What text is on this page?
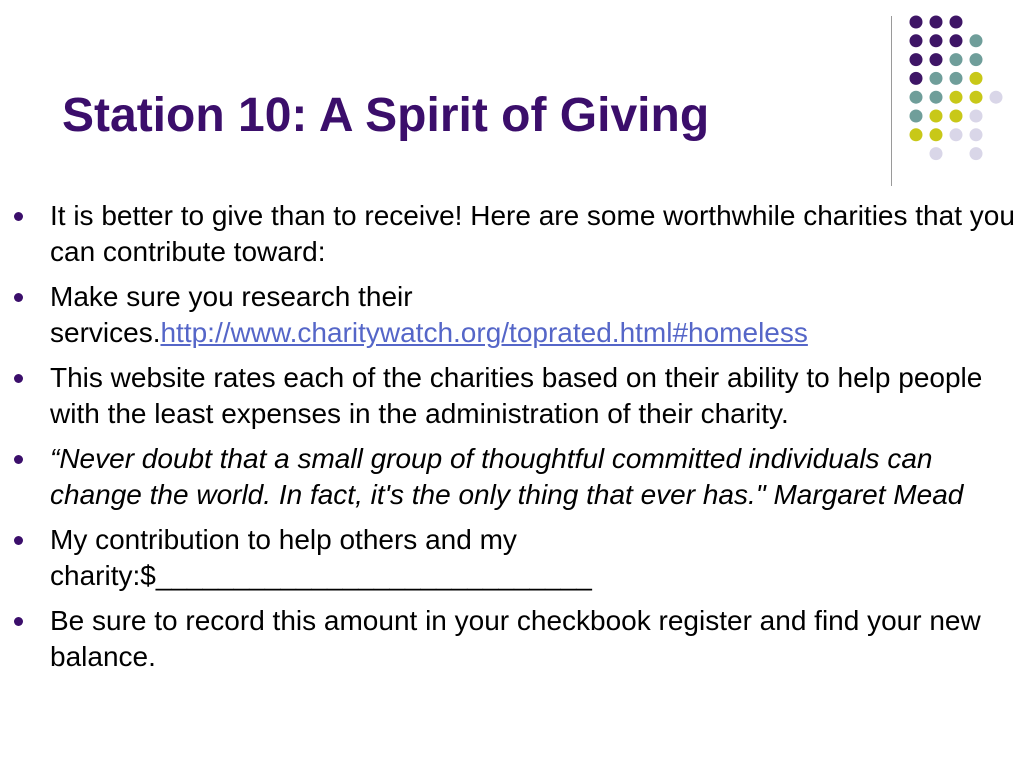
Station 10: A Spirit of Giving
It is better to give than to receive! Here are some worthwhile charities that you can contribute toward:
Make sure you research their services.http://www.charitywatch.org/toprated.html#homeless
This website rates each of the charities based on their ability to help people with the least expenses in the administration of their charity.
“Never doubt that a small group of thoughtful committed individuals can change the world. In fact, it's the only thing that ever has." Margaret Mead
My contribution to help others and my charity:$____________________________
Be sure to record this amount in your checkbook register and find your new balance.
